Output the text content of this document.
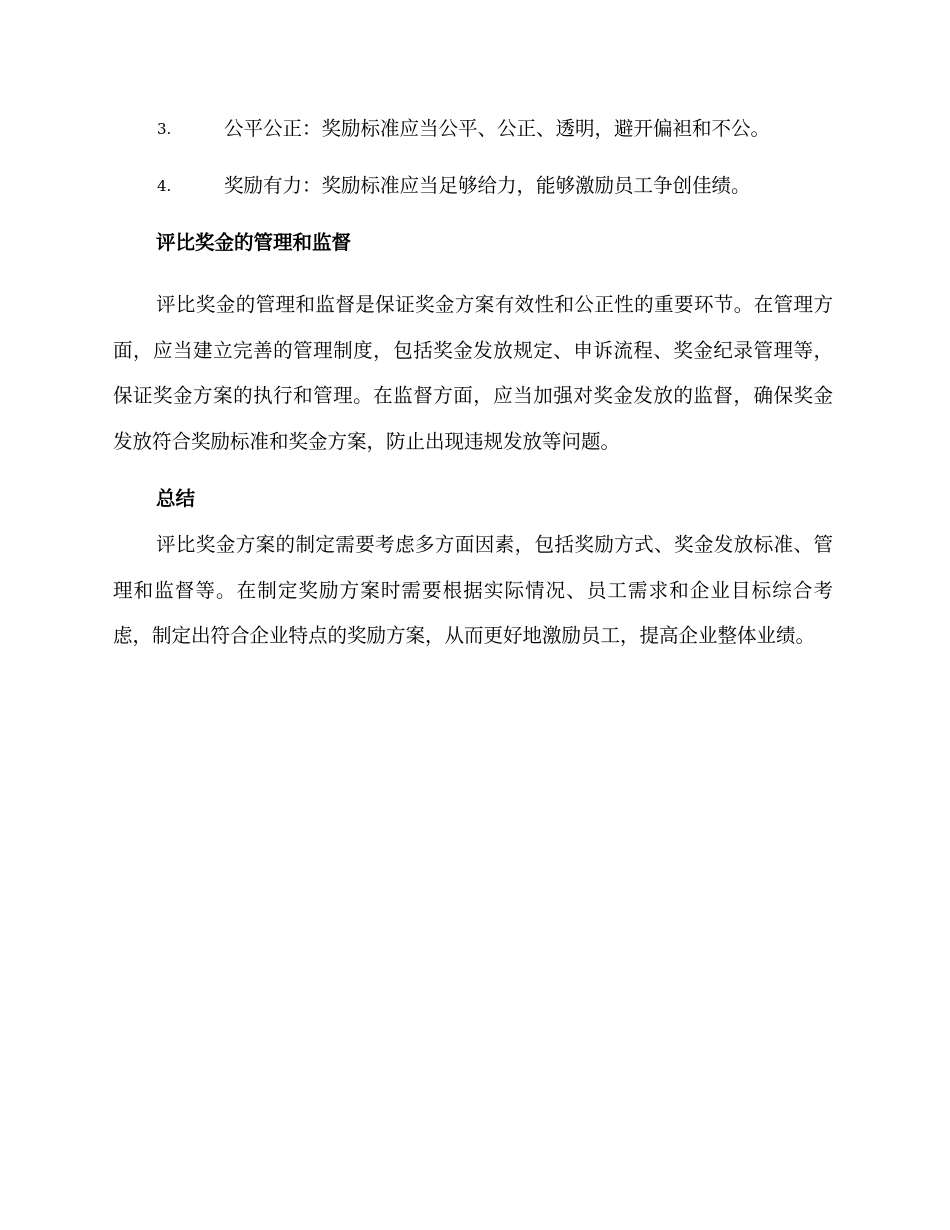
3.	公平公正：奖励标准应当公平、公正、透明，避开偏袒和不公。
4.	奖励有力：奖励标准应当足够给力，能够激励员工争创佳绩。
评比奖金的管理和监督

评比奖金的管理和监督是保证奖金方案有效性和公正性的重要环节。在管理方面，应当建立完善的管理制度，包括奖金发放规定、申诉流程、奖金纪录管理等，保证奖金方案的执行和管理。在监督方面，应当加强对奖金发放的监督，确保奖金发放符合奖励标准和奖金方案，防止出现违规发放等问题。

总结

评比奖金方案的制定需要考虑多方面因素，包括奖励方式、奖金发放标准、管理和监督等。在制定奖励方案时需要根据实际情况、员工需求和企业目标综合考虑，制定出符合企业特点的奖励方案，从而更好地激励员工，提高企业整体业绩。
